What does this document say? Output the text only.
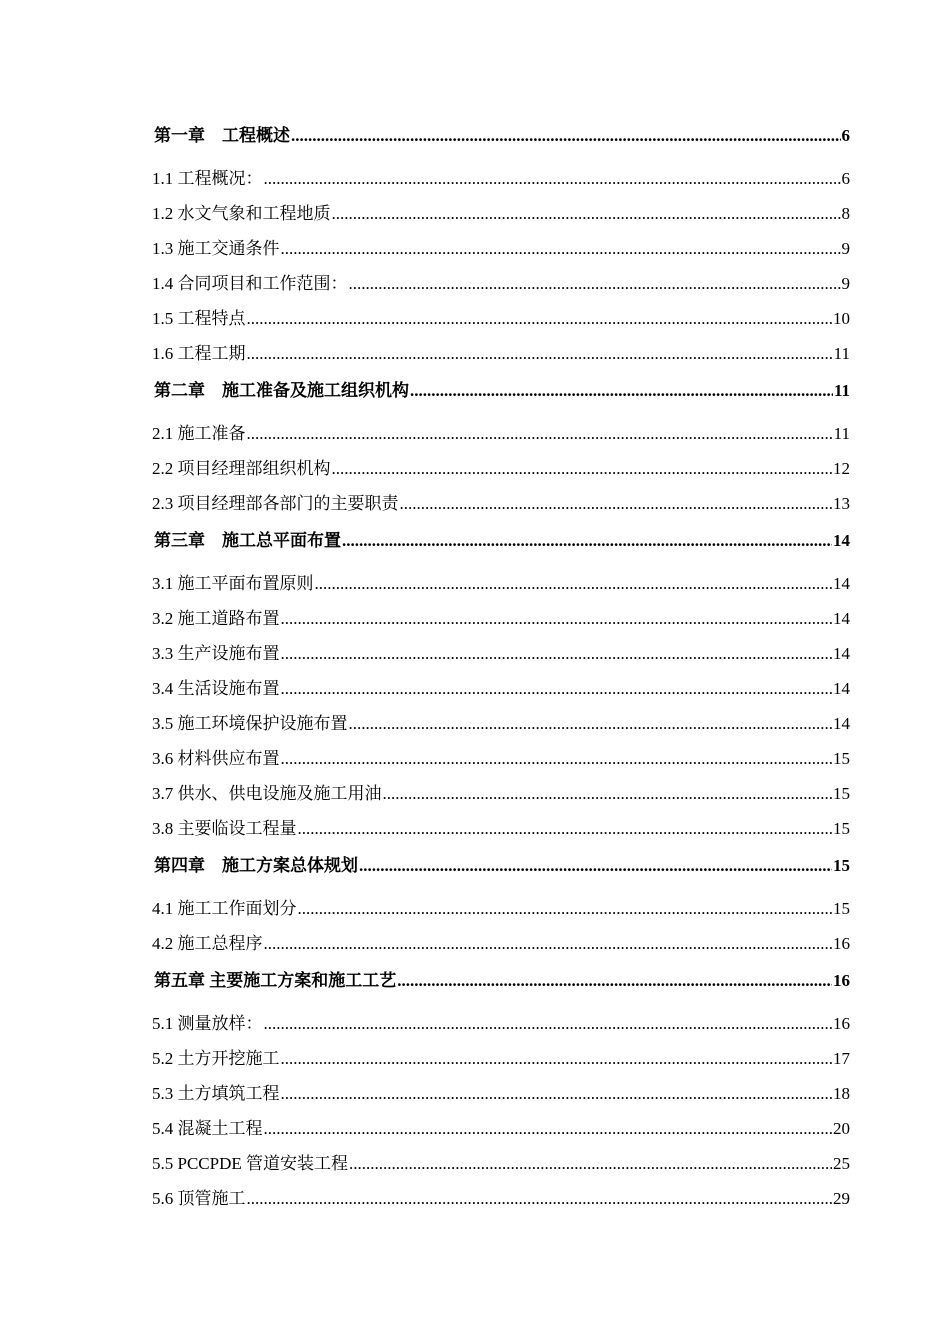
第一章　工程概述 .....	6
1.1 工程概况： .....	6
1.2 水文气象和工程地质 .....	8
1.3 施工交通条件 .....	9
1.4 合同项目和工作范围： .....	9
1.5 工程特点 .....	10
1.6 工程工期 .....	11
第二章　施工准备及施工组织机构 .....	11
2.1 施工准备 .....	11
2.2 项目经理部组织机构 .....	12
2.3 项目经理部各部门的主要职责 .....	13
第三章　施工总平面布置 .....	14
3.1 施工平面布置原则 .....	14
3.2 施工道路布置 .....	14
3.3 生产设施布置 .....	14
3.4 生活设施布置 .....	14
3.5 施工环境保护设施布置 .....	14
3.6 材料供应布置 .....	15
3.7 供水、供电设施及施工用油 .....	15
3.8 主要临设工程量 .....	15
第四章　施工方案总体规划 .....	15
4.1 施工工作面划分 .....	15
4.2 施工总程序 .....	16
第五章 主要施工方案和施工工艺 .....	16
5.1 测量放样： .....	16
5.2 土方开挖施工 .....	17
5.3 土方填筑工程 .....	18
5.4 混凝土工程 .....	20
5.5 PCCPDE 管道安装工程 .....	25
5.6 顶管施工 .....	29
